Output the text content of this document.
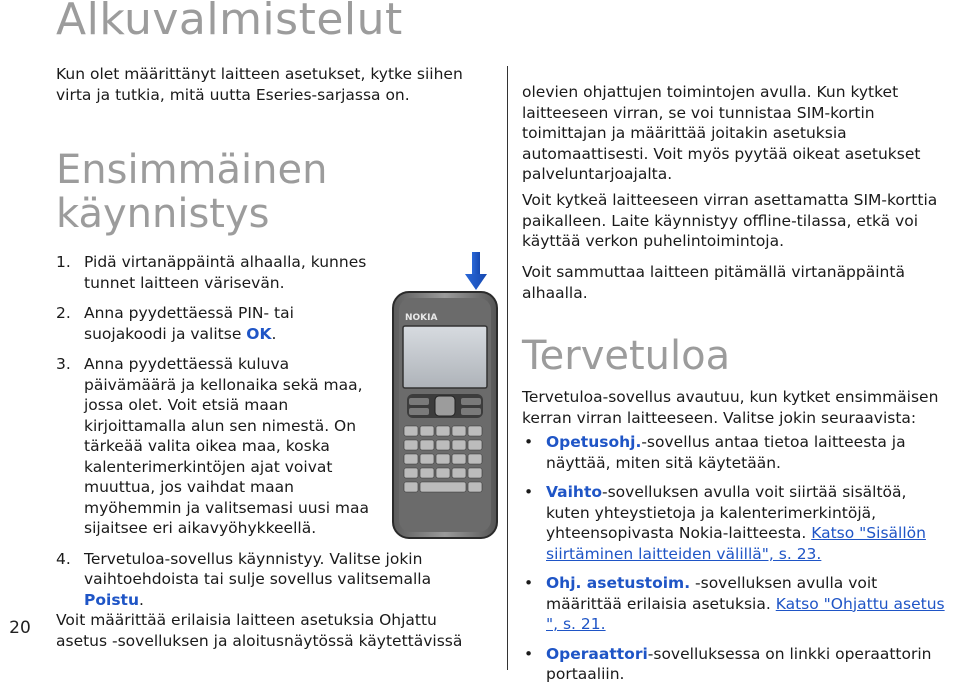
Alkuvalmistelut

Kun olet määrittänyt laitteen asetukset, kytke siihen virta ja tutkia, mitä uutta Eseries-sarjassa on.

Ensimmäinen
käynnistys
1. Pidä virtanäppäintä alhaalla, kunnes tunnet laitteen värisevän.
2. Anna pyydettäessä PIN- tai suojakoodi ja valitse OK.
3. Anna pyydettäessä kuluva päivämäärä ja kellonaika sekä maa, jossa olet. Voit etsiä maan kirjoittamalla alun sen nimestä. On tärkeää valita oikea maa, koska kalenterimerkintöjen ajat voivat muuttua, jos vaihdat maan myöhemmin ja valitsemasi uusi maa sijaitsee eri aikavyöhykkeellä.
4. Tervetuloa-sovellus käynnistyy. Valitse jokin vaihtoehdoista tai sulje sovellus valitsemalla Poistu.

Voit määrittää erilaisia laitteen asetuksia Ohjattu asetus -sovelluksen ja aloitusnäytössä käytettävissä

NOKIA

olevien ohjattujen toimintojen avulla. Kun kytket laitteeseen virran, se voi tunnistaa SIM-kortin toimittajan ja määrittää joitakin asetuksia automaattisesti. Voit myös pyytää oikeat asetukset palveluntarjoajalta.

Voit kytkeä laitteeseen virran asettamatta SIM-korttia paikalleen. Laite käynnistyy offline-tilassa, etkä voi käyttää verkon puhelintoimintoja.

Voit sammuttaa laitteen pitämällä virtanäppäintä alhaalla.

Tervetuloa

Tervetuloa-sovellus avautuu, kun kytket ensimmäisen kerran virran laitteeseen. Valitse jokin seuraavista:

• Opetusohj.-sovellus antaa tietoa laitteesta ja näyttää, miten sitä käytetään.
• Vaihto-sovelluksen avulla voit siirtää sisältöä, kuten yhteystietoja ja kalenterimerkintöjä, yhteensopivasta Nokia-laitteesta. Katso "Sisällön siirtäminen laitteiden välillä", s. 23.
• Ohj. asetustoim. -sovelluksen avulla voit määrittää erilaisia asetuksia. Katso "Ohjattu asetus ", s. 21.
• Operaattori-sovelluksessa on linkki operaattorin portaaliin.
20
